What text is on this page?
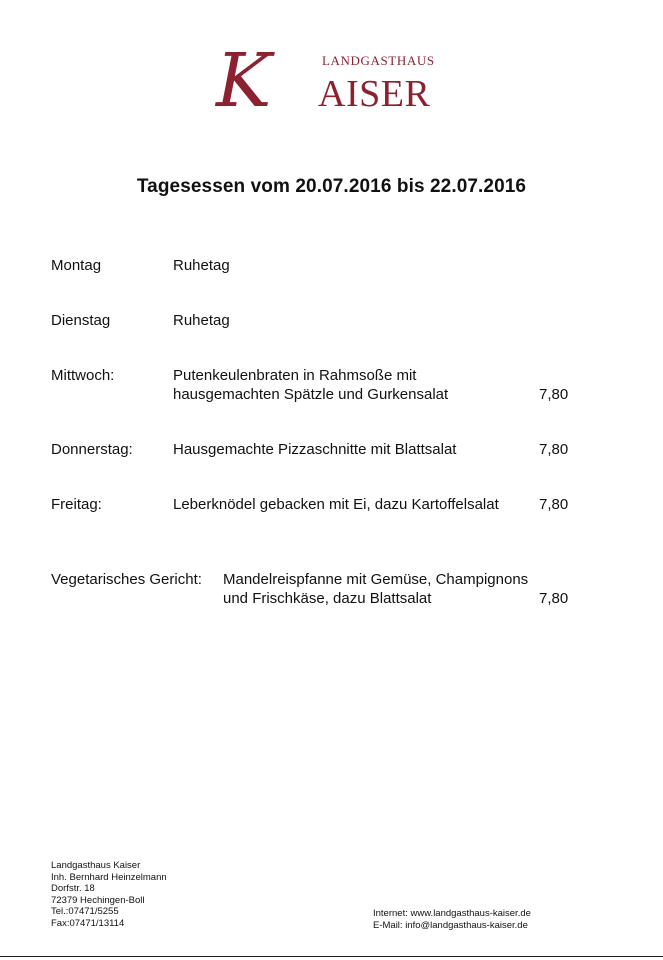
LANDGASTHAUS
K AISER
Tagesessen vom 20.07.2016 bis 22.07.2016
Montag	Ruhetag
Dienstag	Ruhetag
Mittwoch:	Putenkeulenbraten in Rahmsoße mit
hausgemachten Spätzle und Gurkensalat	7,80
Donnerstag:	Hausgemachte Pizzaschnitte mit Blattsalat	7,80
Freitag:	Leberknödel gebacken mit Ei, dazu Kartoffelsalat	7,80
Vegetarisches Gericht: Mandelreispfanne mit Gemüse, Champignons
und Frischkäse, dazu Blattsalat	7,80
Landgasthaus Kaiser
Inh. Bernhard Heinzelmann
Dorfstr. 18
72379 Hechingen-Boll
Tel.:07471/5255
Fax:07471/13114
Internet: www.landgasthaus-kaiser.de
E-Mail: info@landgasthaus-kaiser.de
